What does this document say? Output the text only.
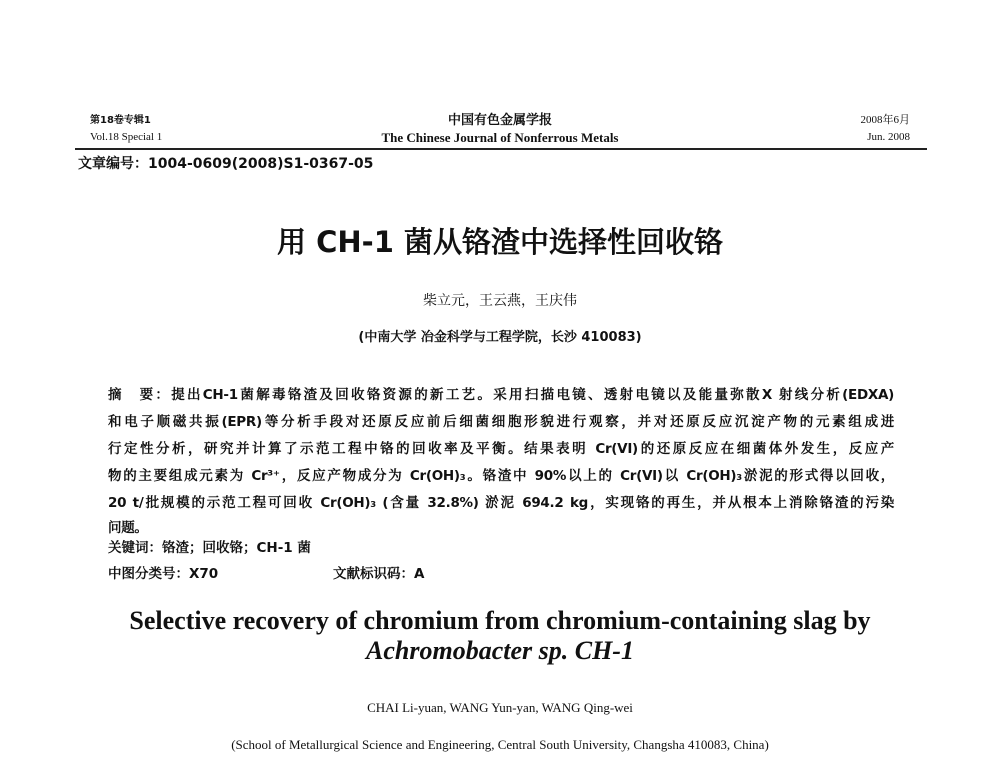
第18卷专辑1
Vol.18 Special 1
中国有色金属学报
The Chinese Journal of Nonferrous Metals
2008年6月
Jun. 2008
文章编号：1004-0609(2008)S1-0367-05
用 CH-1 菌从铬渣中选择性回收铬
柴立元，王云燕，王庆伟
(中南大学 冶金科学与工程学院，长沙 410083)
摘　要：提出CH-1菌解毒铬渣及回收铬资源的新工艺。采用扫描电镜、透射电镜以及能量弥散X 射线分析(EDXA)
和电子顺磁共振(EPR)等分析手段对还原反应前后细菌细胞形貌进行观察，并对还原反应沉淀产物的元素组成进
行定性分析，研究并计算了示范工程中铬的回收率及平衡。结果表明 Cr(VI)的还原反应在细菌体外发生，反应产
物的主要组成元素为 Cr³⁺，反应产物成分为 Cr(OH)₃。铬渣中 90%以上的 Cr(VI)以 Cr(OH)₃淤泥的形式得以回收，
20 t/批规模的示范工程可回收 Cr(OH)₃ (含量 32.8%) 淤泥 694.2 kg，实现铬的再生，并从根本上消除铬渣的污染
问题。
关键词：铬渣；回收铬；CH-1 菌
中图分类号：X70	文献标识码：A
Selective recovery of chromium from chromium-containing slag by
Achromobacter sp. CH-1
CHAI Li-yuan, WANG Yun-yan, WANG Qing-wei
(School of Metallurgical Science and Engineering, Central South University, Changsha 410083, China)
